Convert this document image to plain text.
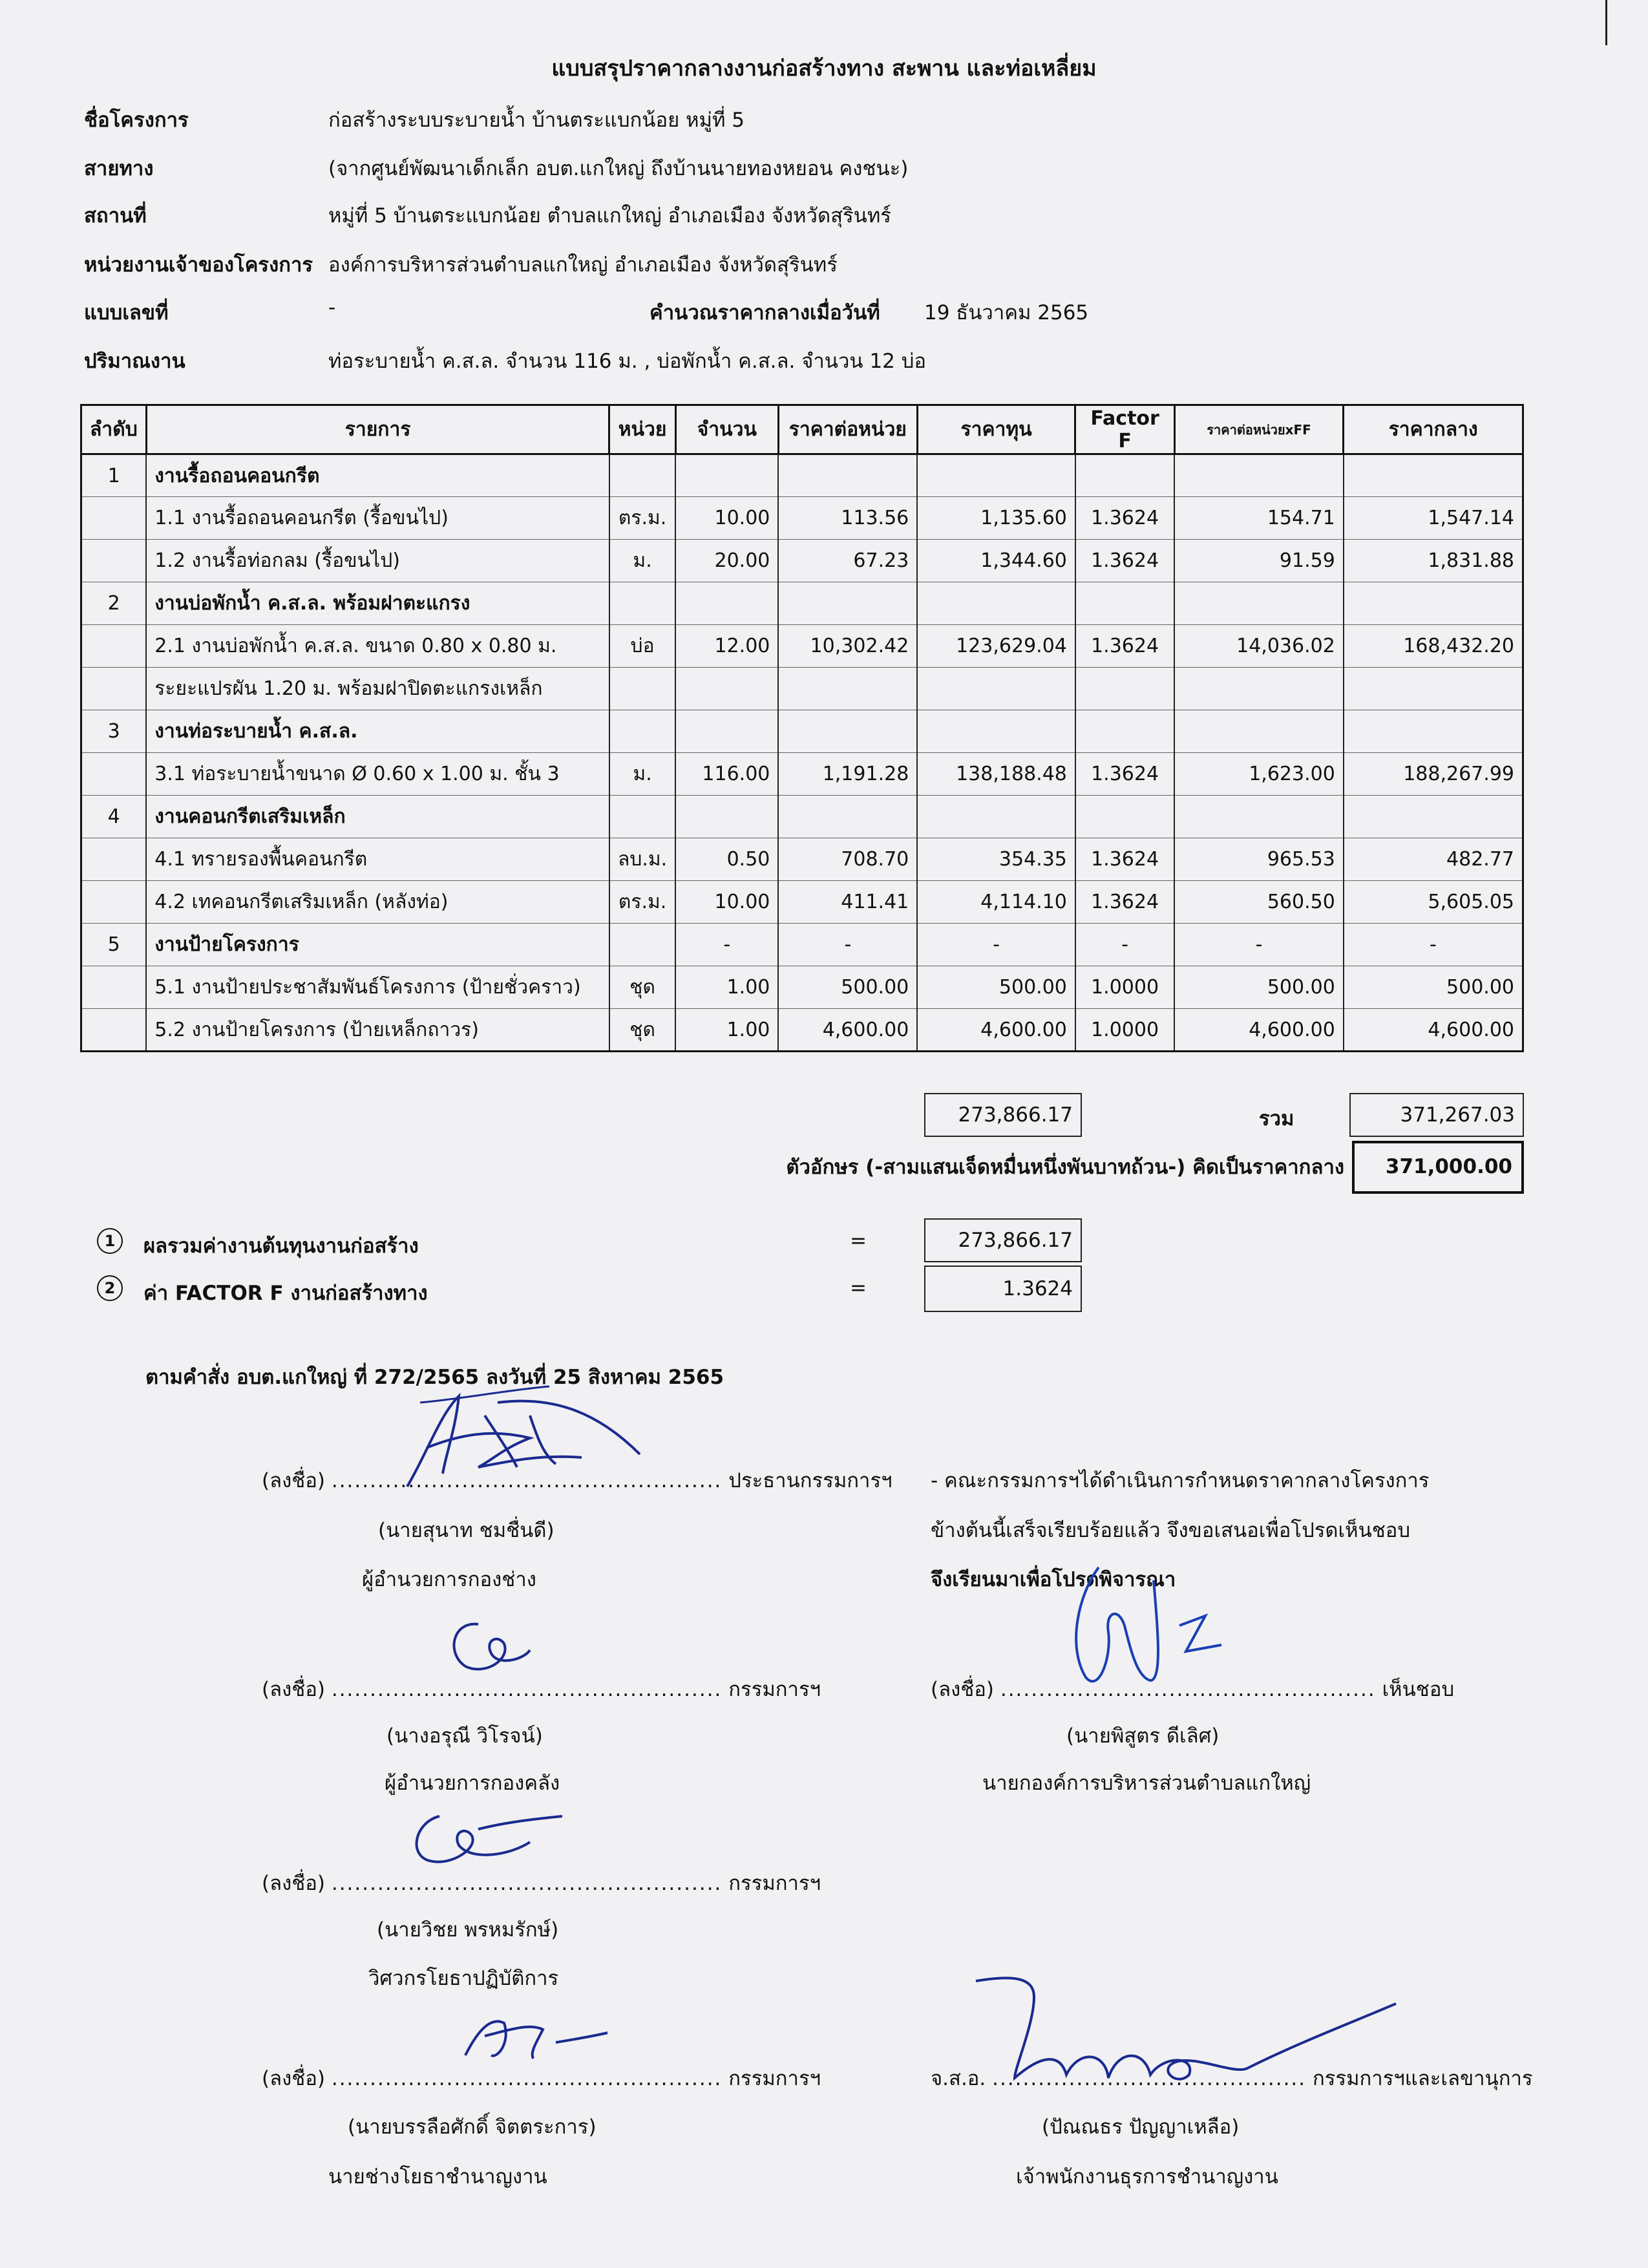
แบบสรุปราคากลางงานก่อสร้างทาง สะพาน และท่อเหลี่ยม
ชื่อโครงการ	ก่อสร้างระบบระบายน้ำ บ้านตระแบกน้อย หมู่ที่ 5
สายทาง	(จากศูนย์พัฒนาเด็กเล็ก อบต.แกใหญ่ ถึงบ้านนายทองหยอน คงชนะ)
สถานที่	หมู่ที่ 5 บ้านตระแบกน้อย ตำบลแกใหญ่ อำเภอเมือง จังหวัดสุรินทร์
หน่วยงานเจ้าของโครงการ องค์การบริหารส่วนตำบลแกใหญ่ อำเภอเมือง จังหวัดสุรินทร์
แบบเลขที่	-	คำนวณราคากลางเมื่อวันที่ 19 ธันวาคม 2565
ปริมาณงาน	ท่อระบายน้ำ ค.ส.ล. จำนวน 116 ม. , บ่อพักน้ำ ค.ส.ล. จำนวน 12 บ่อ
ลำดับ	รายการ	หน่วย	จำนวน	ราคาต่อหน่วย	ราคาทุน	Factor F	ราคาต่อหน่วยxFF	ราคากลาง
1	งานรื้อถอนคอนกรีต							
	1.1 งานรื้อถอนคอนกรีต (รื้อขนไป)	ตร.ม.	10.00	113.56	1,135.60	1.3624	154.71	1,547.14
	1.2 งานรื้อท่อกลม (รื้อขนไป)	ม.	20.00	67.23	1,344.60	1.3624	91.59	1,831.88
2	งานบ่อพักน้ำ ค.ส.ล. พร้อมฝาตะแกรง							
	2.1 งานบ่อพักน้ำ ค.ส.ล. ขนาด 0.80 x 0.80 ม.	บ่อ	12.00	10,302.42	123,629.04	1.3624	14,036.02	168,432.20
	ระยะแปรผัน 1.20 ม. พร้อมฝาปิดตะแกรงเหล็ก							
3	งานท่อระบายน้ำ ค.ส.ล.							
	3.1 ท่อระบายน้ำขนาด Ø 0.60 x 1.00 ม. ชั้น 3	ม.	116.00	1,191.28	138,188.48	1.3624	1,623.00	188,267.99
4	งานคอนกรีตเสริมเหล็ก							
	4.1 ทรายรองพื้นคอนกรีต	ลบ.ม.	0.50	708.70	354.35	1.3624	965.53	482.77
	4.2 เทคอนกรีตเสริมเหล็ก (หลังท่อ)	ตร.ม.	10.00	411.41	4,114.10	1.3624	560.50	5,605.05
5	งานป้ายโครงการ		-	-	-	-	-	-
	5.1 งานป้ายประชาสัมพันธ์โครงการ (ป้ายชั่วคราว)	ชุด	1.00	500.00	500.00	1.0000	500.00	500.00
	5.2 งานป้ายโครงการ (ป้ายเหล็กถาวร)	ชุด	1.00	4,600.00	4,600.00	1.0000	4,600.00	4,600.00
273,866.17	รวม	371,267.03
ตัวอักษร (-สามแสนเจ็ดหมื่นหนึ่งพันบาทถ้วน-) คิดเป็นราคากลาง 371,000.00
1	ผลรวมค่างานต้นทุนงานก่อสร้าง	=	273,866.17
2	ค่า FACTOR F งานก่อสร้างทาง	=	1.3624
ตามคำสั่ง อบต.แกใหญ่ ที่ 272/2565 ลงวันที่ 25 สิงหาคม 2565
(ลงชื่อ) ................................................... ประธานกรรมการฯ
(นายสุนาท ชมชื่นดี)
ผู้อำนวยการกองช่าง
(ลงชื่อ) ................................................... กรรมการฯ
(นางอรุณี วิโรจน์)
ผู้อำนวยการกองคลัง
(ลงชื่อ) ................................................... กรรมการฯ
(นายวิชย พรหมรักษ์)
วิศวกรโยธาปฏิบัติการ
(ลงชื่อ) ................................................... กรรมการฯ
(นายบรรลือศักดิ์ จิตตระการ)
นายช่างโยธาชำนาญงาน
- คณะกรรมการฯได้ดำเนินการกำหนดราคากลางโครงการ
ข้างต้นนี้เสร็จเรียบร้อยแล้ว จึงขอเสนอเพื่อโปรดเห็นชอบ
จึงเรียนมาเพื่อโปรดพิจารณา
(ลงชื่อ) ................................................. เห็นชอบ
(นายพิสูตร ดีเลิศ)
นายกองค์การบริหารส่วนตำบลแกใหญ่
จ.ส.อ. ......................................... กรรมการฯและเลขานุการ
(ปัณณธร ปัญญาเหลือ)
เจ้าพนักงานธุรการชำนาญงาน
